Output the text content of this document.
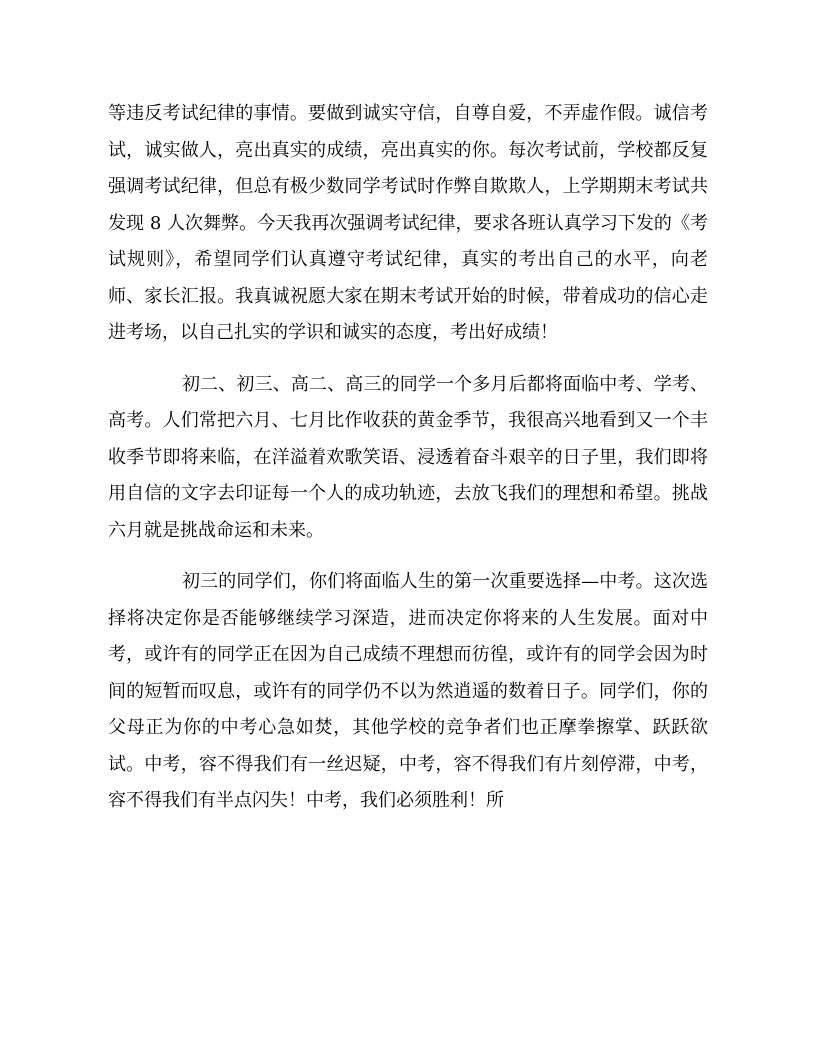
等违反考试纪律的事情。要做到诚实守信，自尊自爱，不弄虚作假。诚信考试，诚实做人，亮出真实的成绩，亮出真实的你。每次考试前，学校都反复强调考试纪律，但总有极少数同学考试时作弊自欺欺人，上学期期末考试共发现 8 人次舞弊。今天我再次强调考试纪律，要求各班认真学习下发的《考试规则》，希望同学们认真遵守考试纪律，真实的考出自己的水平，向老师、家长汇报。我真诚祝愿大家在期末考试开始的时候，带着成功的信心走进考场，以自己扎实的学识和诚实的态度，考出好成绩！

初二、初三、高二、高三的同学一个多月后都将面临中考、学考、高考。人们常把六月、七月比作收获的黄金季节，我很高兴地看到又一个丰收季节即将来临，在洋溢着欢歌笑语、浸透着奋斗艰辛的日子里，我们即将用自信的文字去印证每一个人的成功轨迹，去放飞我们的理想和希望。挑战六月就是挑战命运和未来。

初三的同学们，你们将面临人生的第一次重要选择—中考。这次选择将决定你是否能够继续学习深造，进而决定你将来的人生发展。面对中考，或许有的同学正在因为自己成绩不理想而彷徨，或许有的同学会因为时间的短暂而叹息，或许有的同学仍不以为然逍遥的数着日子。同学们，你的父母正为你的中考心急如焚，其他学校的竞争者们也正摩拳擦掌、跃跃欲试。中考，容不得我们有一丝迟疑，中考，容不得我们有片刻停滞，中考，容不得我们有半点闪失！中考，我们必须胜利！所
